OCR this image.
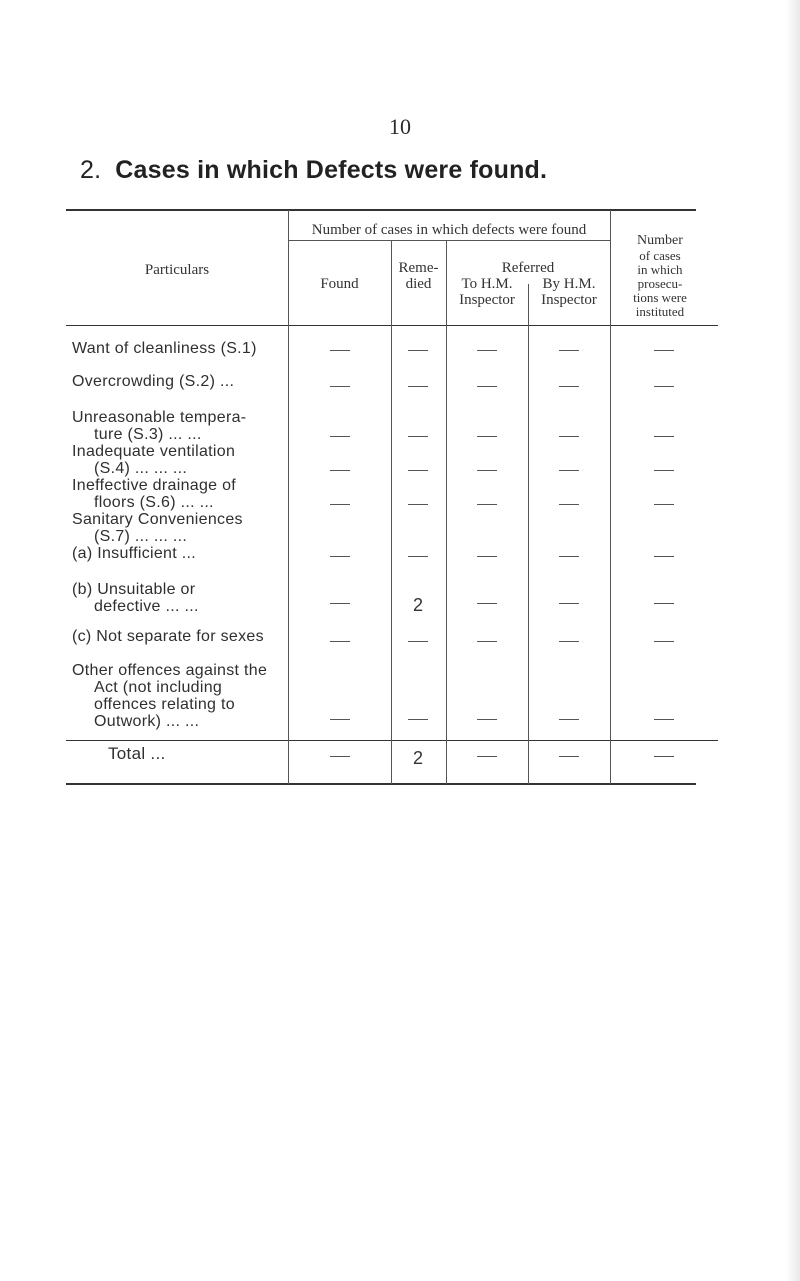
10
2. Cases in which Defects were found.
Particulars
Number of cases in which defects were found
Found
Reme-
died
Referred
To H.M.
Inspector
By H.M.
Inspector
Number
of cases
in which
prosecu-
tions were
instituted
Want of cleanliness (S.1)
Overcrowding (S.2) ...
Unreasonable tempera-
ture (S.3) ... ...
Inadequate ventilation
(S.4) ... ... ...
Ineffective drainage of
floors (S.6) ... ...
Sanitary Conveniences
(S.7) ... ... ...
(a) Insufficient ...
(b) Unsuitable or
defective ... ...
(c) Not separate for sexes
Other offences against the
Act (not including
offences relating to
Outwork) ... ...
Total ...
2
2
